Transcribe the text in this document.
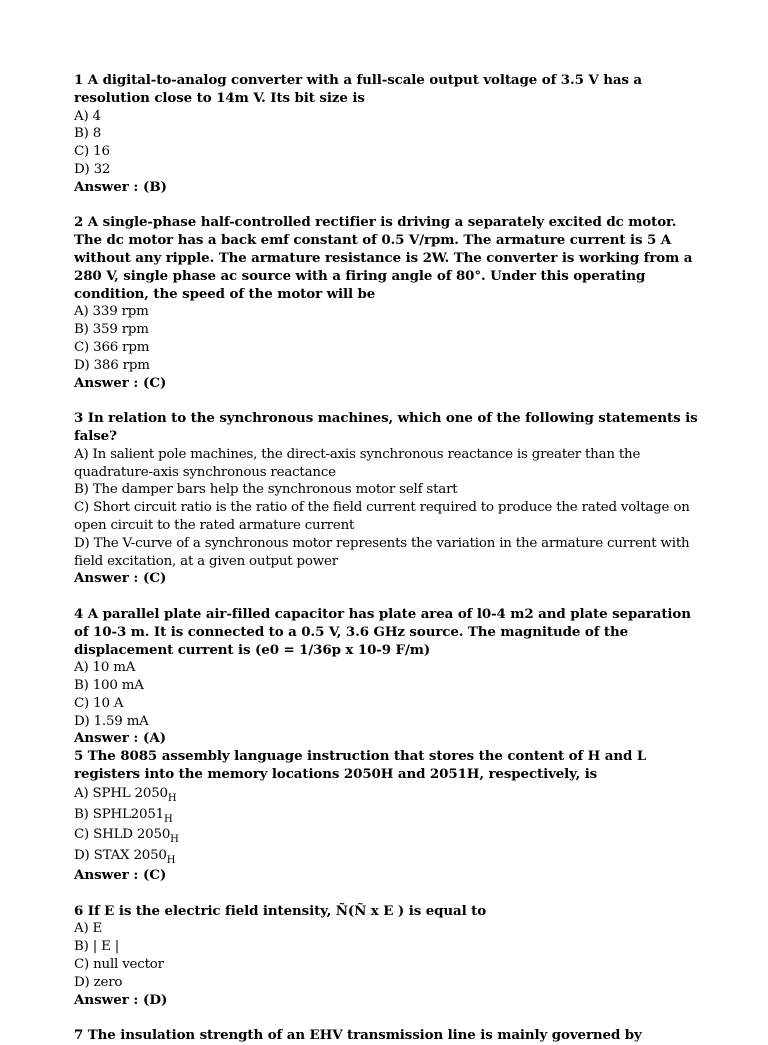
1 A digital-to-analog converter with a full-scale output voltage of 3.5 V has a resolution close to 14m V. Its bit size is
A) 4
B) 8
C) 16
D) 32
Answer : (B)
2 A single-phase half-controlled rectifier is driving a separately excited dc motor. The dc motor has a back emf constant of 0.5 V/rpm. The armature current is 5 A without any ripple. The armature resistance is 2W. The converter is working from a 280 V, single phase ac source with a firing angle of 80°. Under this operating condition, the speed of the motor will be
A) 339 rpm
B) 359 rpm
C) 366 rpm
D) 386 rpm
Answer : (C)
3 In relation to the synchronous machines, which one of the following statements is false?
A) In salient pole machines, the direct-axis synchronous reactance is greater than the quadrature-axis synchronous reactance
B) The damper bars help the synchronous motor self start
C) Short circuit ratio is the ratio of the field current required to produce the rated voltage on open circuit to the rated armature current
D) The V-curve of a synchronous motor represents the variation in the armature current with field excitation, at a given output power
Answer : (C)
4 A parallel plate air-filled capacitor has plate area of l0-4 m2 and plate separation of 10-3 m. It is connected to a 0.5 V, 3.6 GHz source. The magnitude of the displacement current is (e0 = 1/36p x 10-9 F/m)
A) 10 mA
B) 100 mA
C) 10 A
D) 1.59 mA
Answer : (A)
5 The 8085 assembly language instruction that stores the content of H and L registers into the memory locations 2050H and 2051H, respectively, is
A) SPHL $2050_H$
B) $SPHL2051_H$
C) SHLD $2050_H$
D) STAX $2050_H$
Answer : (C)
6 If E is the electric field intensity, Ñ(Ñ x E ) is equal to
A) E
B) | E |
C) null vector
D) zero
Answer : (D)
7 The insulation strength of an EHV transmission line is mainly governed by
